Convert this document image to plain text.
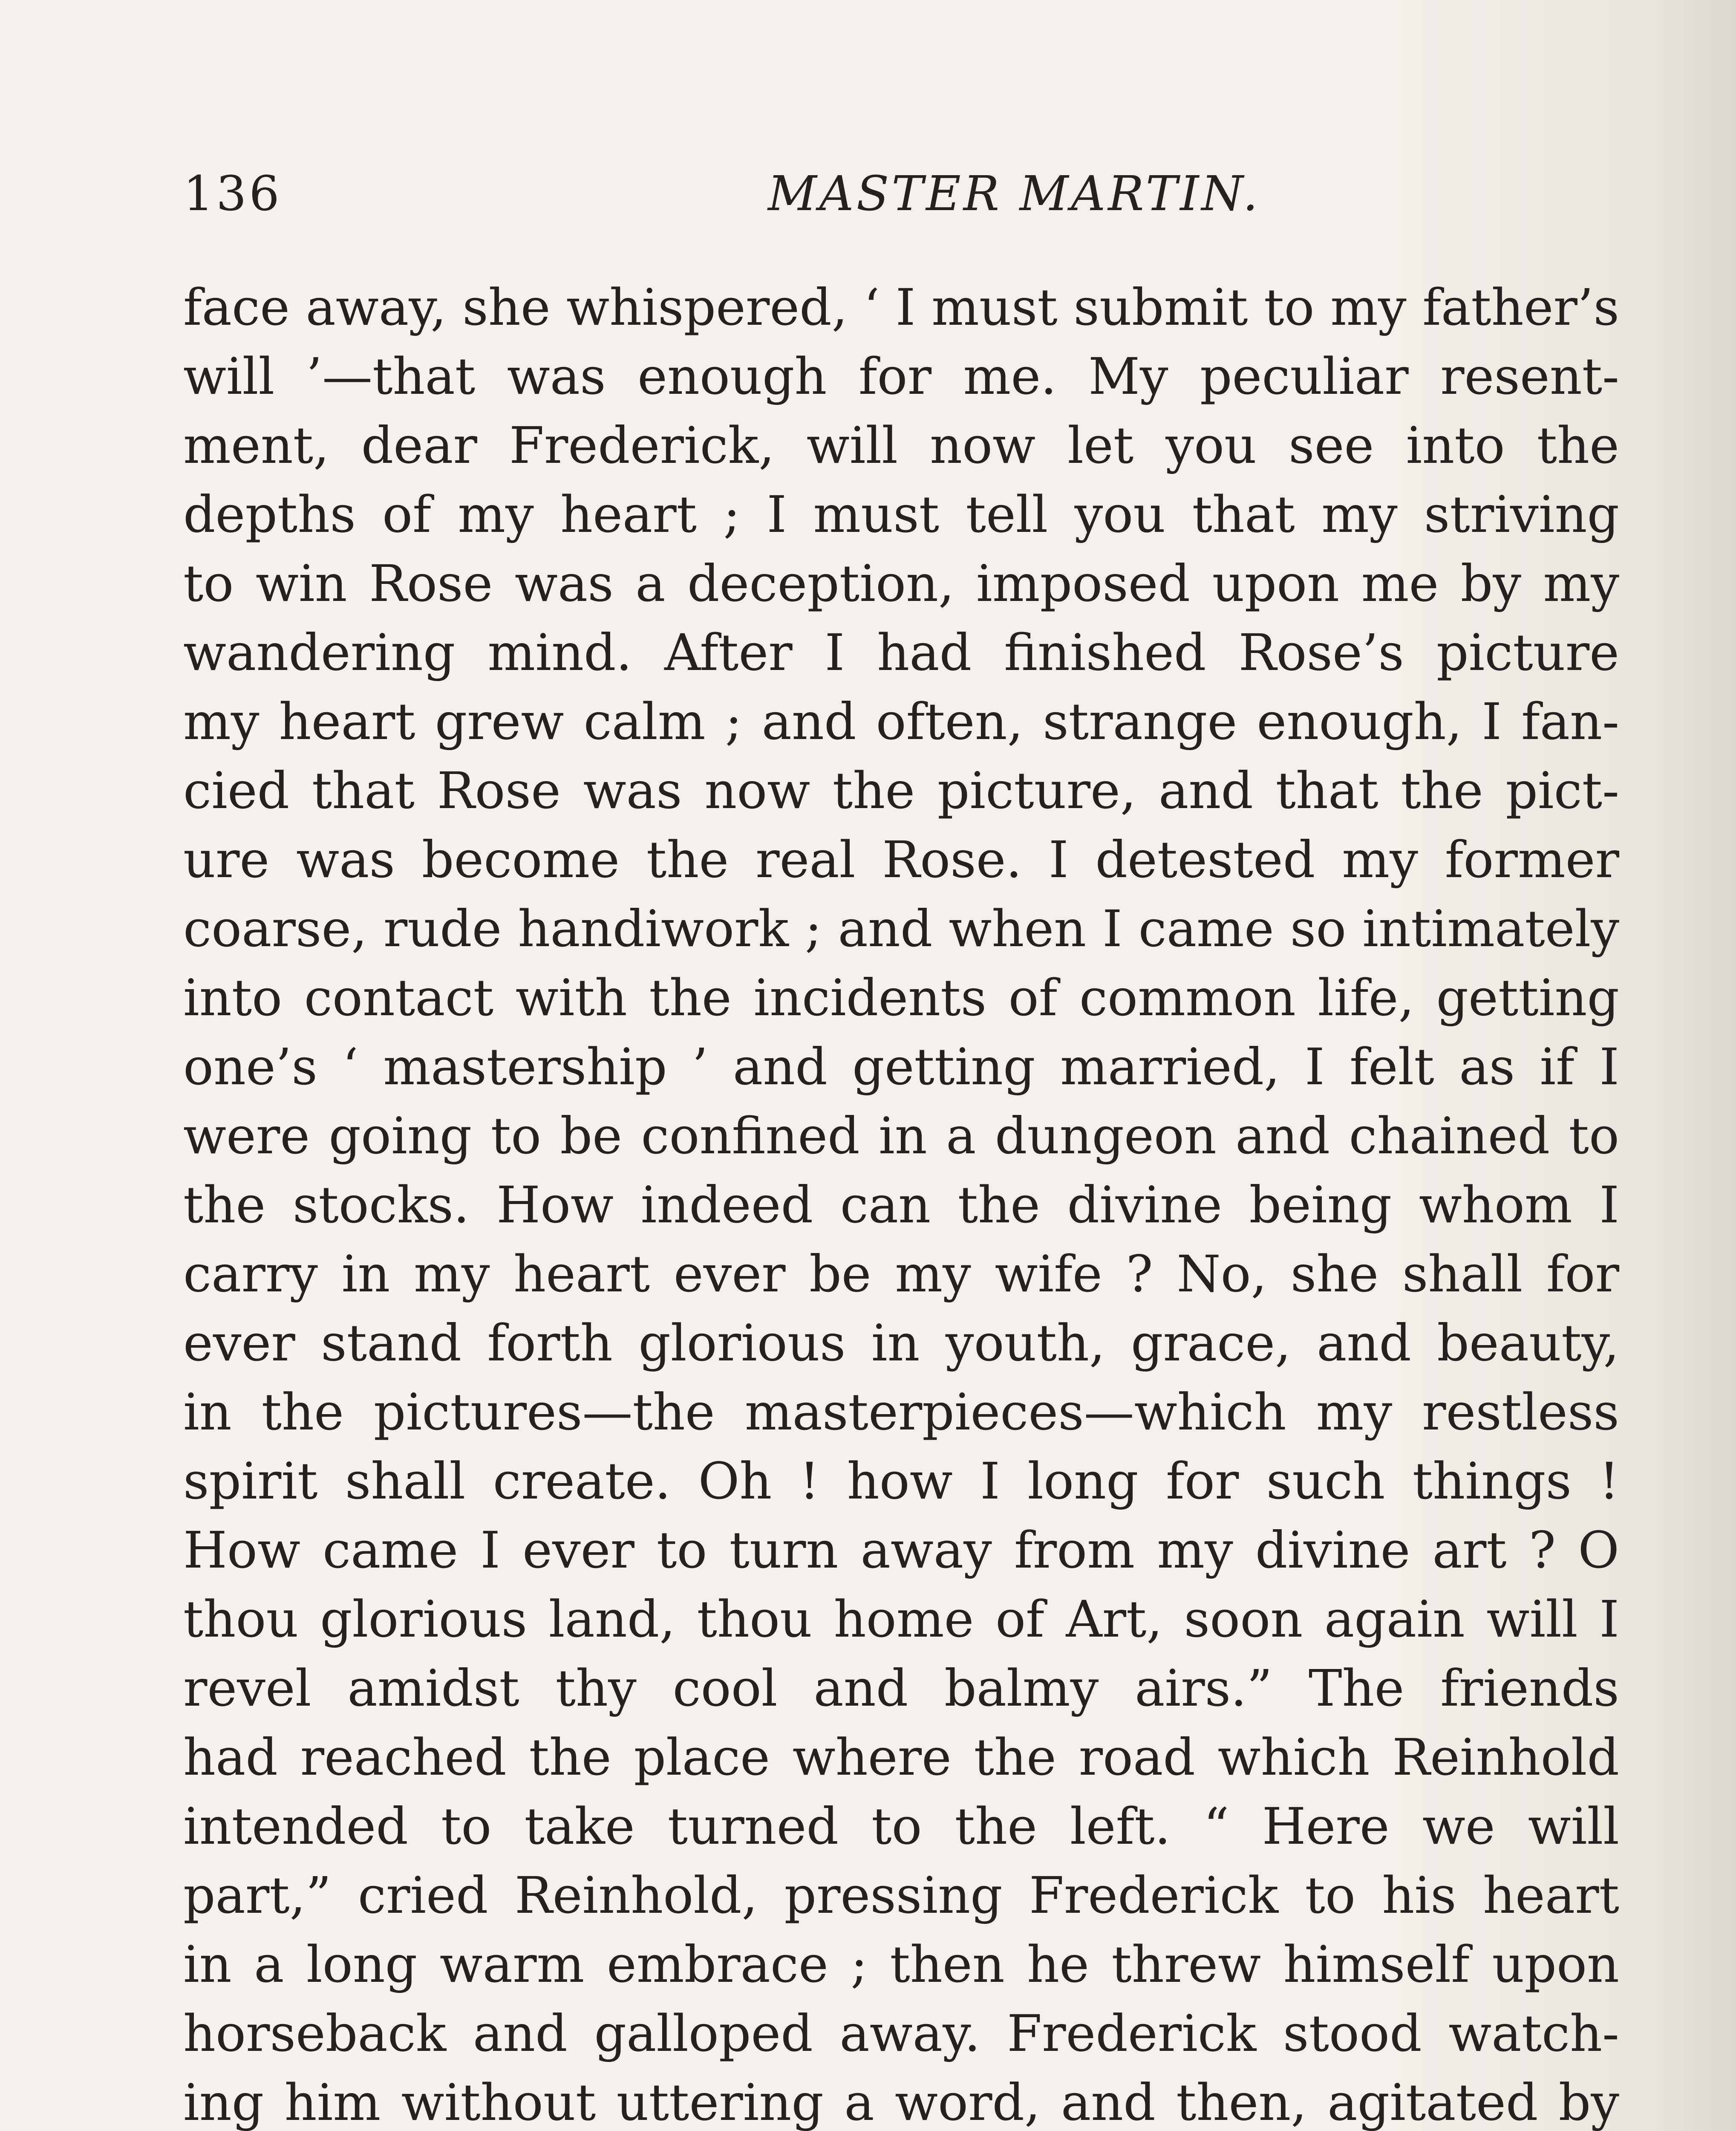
136	MASTER MARTIN.
face away, she whispered, ‘ I must submit to my father’s
will ’—that was enough for me. My peculiar resent-
ment, dear Frederick, will now let you see into the
depths of my heart ; I must tell you that my striving
to win Rose was a deception, imposed upon me by my
wandering mind. After I had finished Rose’s picture
my heart grew calm ; and often, strange enough, I fan-
cied that Rose was now the picture, and that the pict-
ure was become the real Rose. I detested my former
coarse, rude handiwork ; and when I came so intimately
into contact with the incidents of common life, getting
one’s ‘ mastership ’ and getting married, I felt as if I
were going to be confined in a dungeon and chained to
the stocks. How indeed can the divine being whom I
carry in my heart ever be my wife ? No, she shall for
ever stand forth glorious in youth, grace, and beauty,
in the pictures—the masterpieces—which my restless
spirit shall create. Oh ! how I long for such things !
How came I ever to turn away from my divine art ? O
thou glorious land, thou home of Art, soon again will I
revel amidst thy cool and balmy airs.” The friends
had reached the place where the road which Reinhold
intended to take turned to the left. “ Here we will
part,” cried Reinhold, pressing Frederick to his heart
in a long warm embrace ; then he threw himself upon
horseback and galloped away. Frederick stood watch-
ing him without uttering a word, and then, agitated by
